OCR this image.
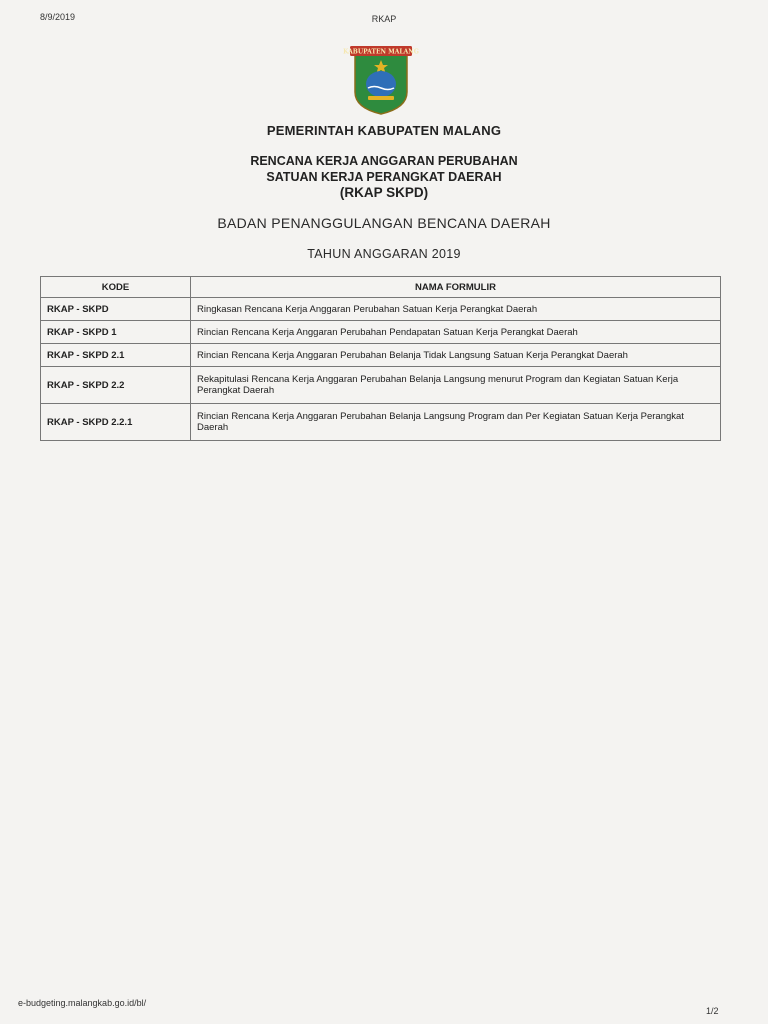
8/9/2019	RKAP
KABUPATEN MALANG
PEMERINTAH KABUPATEN MALANG
RENCANA KERJA ANGGARAN PERUBAHAN
SATUAN KERJA PERANGKAT DAERAH
(RKAP SKPD)
BADAN PENANGGULANGAN BENCANA DAERAH
TAHUN ANGGARAN 2019
KODE	NAMA FORMULIR
RKAP - SKPD	Ringkasan Rencana Kerja Anggaran Perubahan Satuan Kerja Perangkat Daerah
RKAP - SKPD 1	Rincian Rencana Kerja Anggaran Perubahan Pendapatan Satuan Kerja Perangkat Daerah
RKAP - SKPD 2.1	Rincian Rencana Kerja Anggaran Perubahan Belanja Tidak Langsung Satuan Kerja Perangkat Daerah
RKAP - SKPD 2.2	Rekapitulasi Rencana Kerja Anggaran Perubahan Belanja Langsung menurut Program dan Kegiatan Satuan Kerja Perangkat Daerah
RKAP - SKPD 2.2.1	Rincian Rencana Kerja Anggaran Perubahan Belanja Langsung Program dan Per Kegiatan Satuan Kerja Perangkat Daerah
e-budgeting.malangkab.go.id/bl/
1/2
